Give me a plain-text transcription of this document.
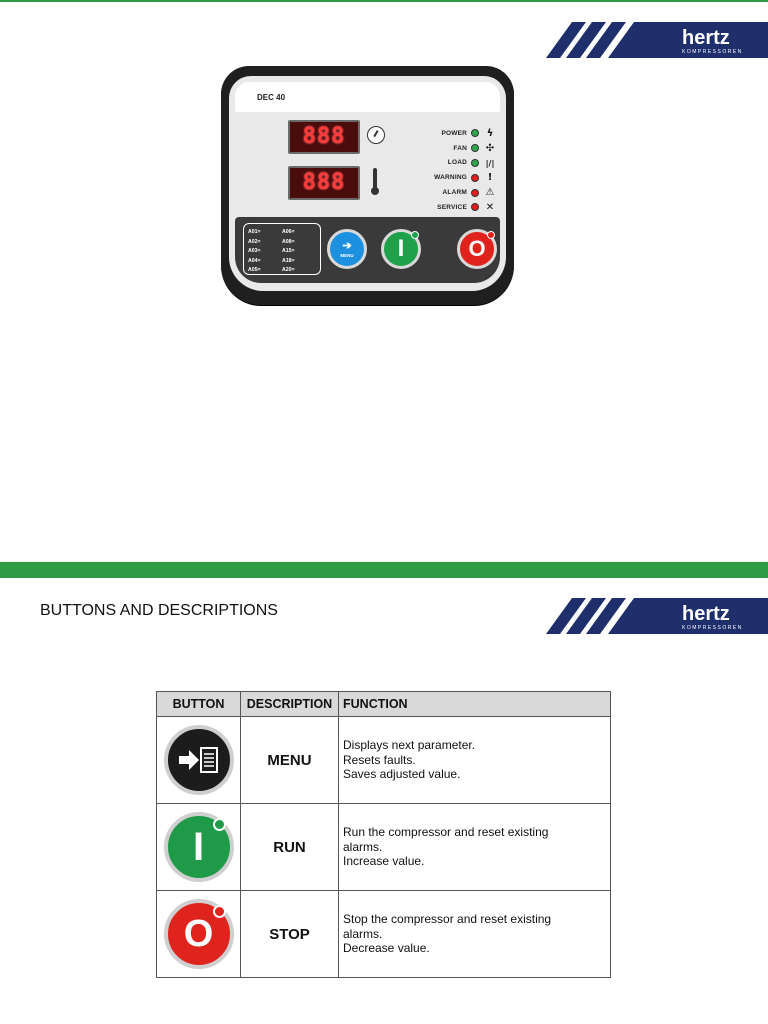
hertz
KOMPRESSOREN
DEC 40
888
888
POWER	ϟ
FAN ✣
LOAD	|/|
WARNING	!
ALARM ⚠
SERVICE ✕
A01=	A06=
A02=	A08=
A03=	A15=
A04=	A18=
A05=	A20=
➔
MENU I	O
BUTTONS AND DESCRIPTIONS	hertz
KOMPRESSOREN
BUTTON	DESCRIPTION	FUNCTION

	MENU	Displays next parameter.
Resets faults.
Saves adjusted value.

I	RUN	Run the compressor and reset existing
alarms.
Increase value.

O	STOP	Stop the compressor and reset existing
alarms.
Decrease value.
